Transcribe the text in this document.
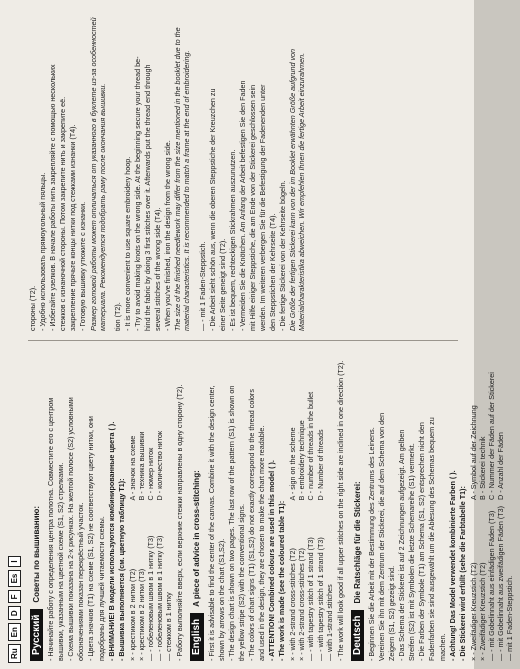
Ru
En
D
F
Es
I
Русский
Советы по вышиванию: - Начинайте работу с определения центра полотна. Совместите его с центром вышивки, указанным на цветной схеме (S1, S2) стрелками. - Схема вышивки показана на 2-х рисунках. На желтой полосе (S2) условными обозначениями показан перекрёстный участок. - Цвета значков (T1) на схеме (S1, S2) не соответствуют цвету нитки, они подобраны для лучшей читаемости схемы. - ВНИМАНИЕ! В модели используются комбинированные цвета ( ). - Вышивка выполняется (см. цветную таблицу Т1): × - крестиком в 2 нитки (T2)
A - значок на схеме
× - крестиком в 2 нитки (T3)
B - техника вышивки
— - гобеленовым швом в 1 нитку (T3)
C - номер ниток
— - гобеленовым швом в 1 нитку (T3)
D - количество ниток
— стежком в 1 нитку - Работу выполняйте вверх, если верхние стежки направлены в одну сторону (T2). English
A piece of advice in cross-stitching: - First it is advisable to find the center of the canvas. Combine it with the design center, shown by arrows on the chart (S1,S2). - The design chart is shown on two pages. The last row of the pattern (S1) is shown on the yellow stripe (S2) with the conventional signs. - The colors of chart signs (T1) (S1,S2) do not exactly correspond to the thread colors and used in the design, they are chosen to make the chart more readable. - ATTENTION! Combined colours are used in this model ( ). - The work is made (see the coloured table T1): × - with 2-strand cross-stitches (T2)
A - sign on the scheme
× - with 2-strand cross-stitches (T2)
B - embroidery technique
— - with tapestry stitch of 1 strand (T3)
C - number of threads in the bullet
— - with tapestry stitch of 1 strand (T3)
D - Number of threads
— with 1-strand stitches - The work will look good if all upper stitches on the right side are inclined in one direction (T2). Deutsch
Die Ratschläge für die Stickerei: - Beginnen Sie die Arbeit mit der Bestimmung des Zentrums des Leinens. Vereinen Sie ihn mit dem Zentrum der Stickerei, die auf dem Schema von den Zeigern (S1, S2) gezeigt sind. - Das Schema der Stickerei ist auf 2 Zeichnungen aufgezeigt. Am gelben Streifen (S2) ist mit Symbolen die letzte Schemareihe (S1) vermerkt. - Die Farben der Symbole (T1) am Schema (S1, S2) entsprechen nicht den Fadenfarben sie sind ausgewählt um die Ablesung des Schemas bequem zu machen. - Achtung! Das Model verwendet kombinierte Farben ( ). - Die Stickerei wird erfüllt (sehe die Farbtabelle T1): × - Zweifädiger Kreuzstich (T2)
A - Symbol auf der Zeichnung
× - Zweifädiger Kreuzstich (T2)
B - Stickerei technik
— - mit Gobelinnaht aus einfädigen Fäden (T3)
C - Nummer der Fäden auf der Stickerei
— - mit Gobelinnaht aus zweifädigen Fäden (T3)
D - Anzahl der Fäden
— mit 1 Faden-Steppstich.

стороны (T2). - Удобно использовать прямоугольный пяльцы. - Избегайте узелков. В начале работы нить закрепляйте с помощью нескольких стежков с изнаночной стороны. Потом закрепите нить и закрепите её. закрепление прячьте концы нитки под стежками изнанки (T4). - Готовую вышивку утюжите с изнанки. Размер готовой работы может отличаться от указанного в буклете из-за особенностей материала. Рекомендуется подобрать раму после окончания вышивки. tion (T2). - It is more convenient to use square embroidery hoop. - Try to avoid making knots on the wrong side. At the beginning secure your thread be- hind the fabric by doing 3 first stitches over it. Afterwards put the thread end through several stitches of the wrong side (T4). - When you've finished, iron the design from the wrong side. The size of the finished needlework may differ from the size mentioned in the booklet due to the material characteristics. It is recommended to match a frame at the end of embroidering. — - mit 1 Faden-Steppstich. - Die Arbeit sieht schön aus, wenn die oberen Steppstiche der Kreuzchen zu einer Seite geneigt sind (T2). - Es ist bequem, rechteckigen Stickrahmen auszunutzen. - Vermeiden Sie die Knötchen. Am Anfang der Arbeit befestigen Sie den Faden mit Hilfe einiger Steppstiche, die am Ende von der Stickerei geschlossen sein werden. Im weiteren verbergen Sie für die Befestigung der Fadenenden unter den Steppstichen der Kehrseite (T4). - Die fertige Stickerei von der Kehrseite bügeln. Die Größe der fertigen Stickerei kann von der im Booklet erwähnten Größe aufgrund von Materialcharakteristika abweichen. Wir empfehlen Ihnen die fertige Arbeit einzurahmen.
